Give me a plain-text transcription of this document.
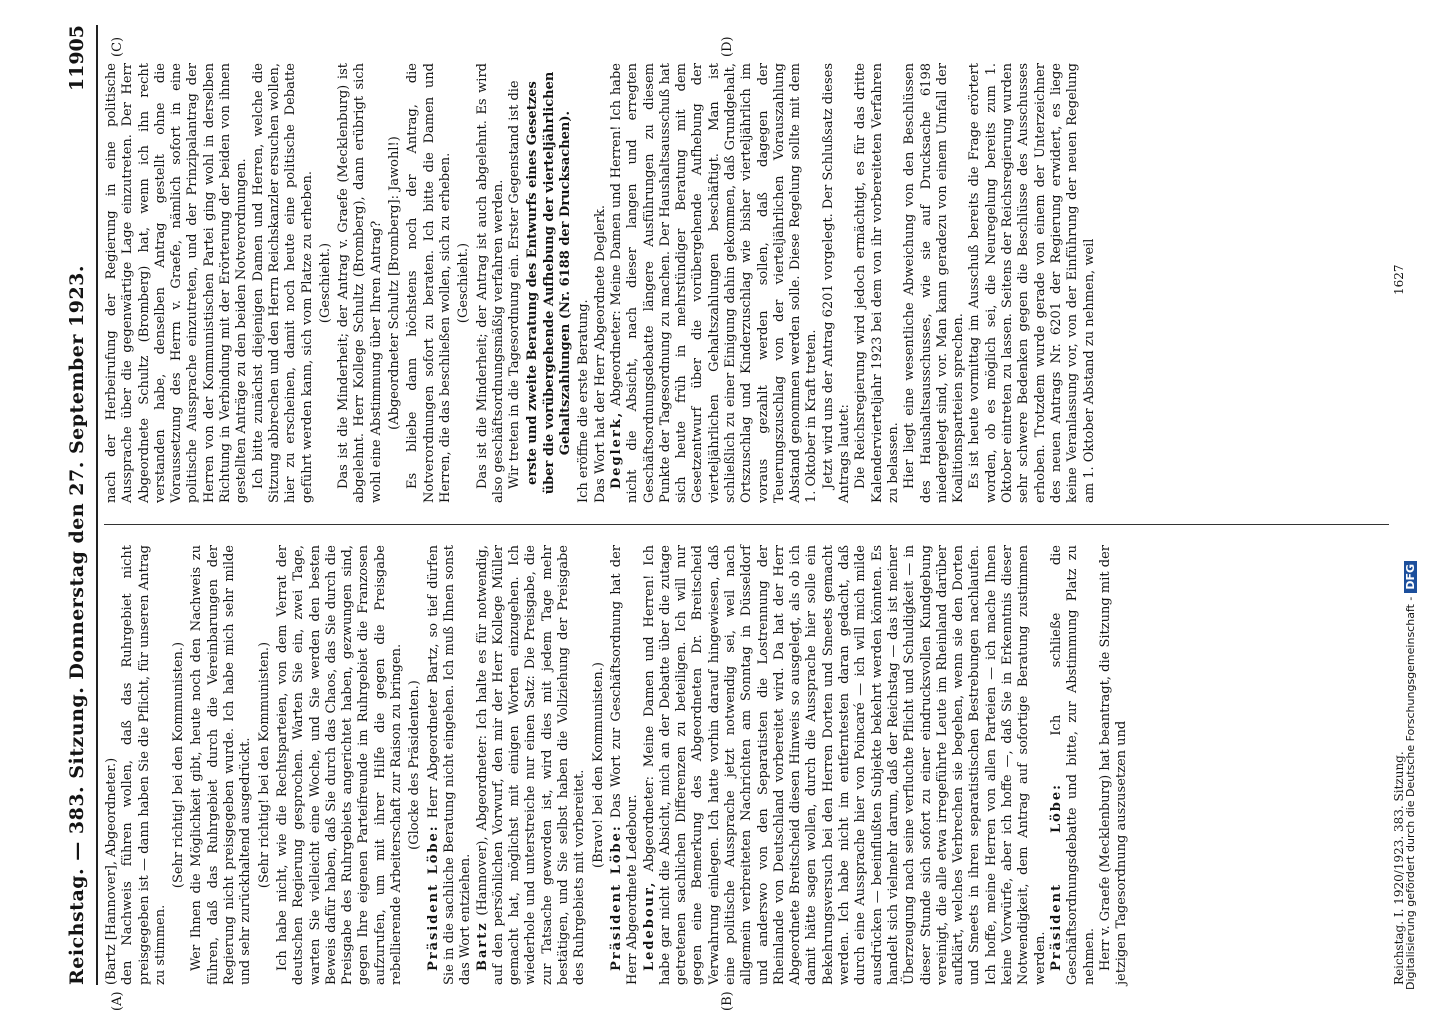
Reichstag. — 383. Sitzung. Donnerstag den 27. September 1923.
11905
(A)	(B)
(C)	(D)

(Bartz [Hannover], Abgeordneter.) den Nachweis führen wollen, daß das Ruhrgebiet nicht preisgegeben ist — dann haben Sie die Pflicht, für unseren Antrag zu stimmen.

(Sehr richtig! bei den Kommunisten.) Wer Ihnen die Möglichkeit gibt, heute noch den Nachweis zu führen, daß das Ruhrgebiet durch die Vereinbarungen der Regierung nicht preisgegeben wurde. Ich habe mich sehr milde und sehr zurückhaltend ausgedrückt. (Sehr richtig! bei den Kommunisten.) Ich habe nicht, wie die Rechtsparteien, von dem Verrat der deutschen Regierung gesprochen. Warten Sie ein, zwei Tage, warten Sie vielleicht eine Woche, und Sie werden den besten Beweis dafür haben, daß Sie durch das Chaos, das Sie durch die Preisgabe des Ruhrgebiets angerichtet haben, gezwungen sind, gegen Ihre eigenen Parteifreunde im Ruhrgebiet die Franzosen aufzurufen, um mit ihrer Hilfe die gegen die Preisgabe rebellierende Arbeiterschaft zur Raison zu bringen. (Glocke des Präsidenten.)

Präsident Löbe: Herr Abgeordneter Bartz, so tief dürfen Sie in die sachliche Beratung nicht eingehen. Ich muß Ihnen sonst das Wort entziehen. Bartz (Hannover), Abgeordneter: Ich halte es für notwendig, auf den persönlichen Vorwurf, den mir der Herr Kollege Müller gemacht hat, möglichst mit einigen Worten einzugehen. Ich wiederhole und unterstreiche nur einen Satz: Die Preisgabe, die zur Tatsache geworden ist, wird dies mit jedem Tage mehr bestätigen, und Sie selbst haben die Vollziehung der Preisgabe des Ruhrgebiets mit vorbereitet.

(Bravo! bei den Kommunisten.)

Präsident Löbe: Das Wort zur Geschäftsordnung hat der Herr Abgeordnete Ledebour. Ledebour, Abgeordneter: Meine Damen und Herren! Ich habe gar nicht die Absicht, mich an der Debatte über die zutage getretenen sachlichen Differenzen zu beteiligen. Ich will nur gegen eine Bemerkung des Abgeordneten Dr. Breitscheid Verwahrung einlegen. Ich hatte vorhin darauf hingewiesen, daß eine politische Aussprache jetzt notwendig sei, weil nach allgemein verbreiteten Nachrichten am Sonntag in Düsseldorf und anderswo von den Separatisten die Lostrennung der Rheinlande von Deutschland vorbereitet wird. Da hat der Herr Abgeordnete Breitscheid diesen Hinweis so ausgelegt, als ob ich damit hätte sagen wollen, durch die Aussprache hier solle ein Bekehrungsversuch bei den Herren Dorten und Smeets gemacht werden. Ich habe nicht im entferntesten daran gedacht, daß durch eine Aussprache hier von Poincaré — ich will mich milde ausdrücken — beeinflußten Subjekte bekehrt werden könnten. Es handelt sich vielmehr darum, daß der Reichstag — das ist meiner Überzeugung nach seine verfluchte Pflicht und Schuldigkeit — in dieser Stunde sich sofort zu einer eindrucksvollen Kundgebung vereinigt, die alle etwa irregeführte Leute im Rheinland darüber aufklärt, welches Verbrechen sie begehen, wenn sie den Dorten und Smeets in ihren separatistischen Bestrebungen nachlaufen. Ich hoffe, meine Herren von allen Parteien — ich mache Ihnen keine Vorwürfe, aber ich hoffe —, daß Sie in Erkenntnis dieser Notwendigkeit, dem Antrag auf sofortige Beratung zustimmen werden. Präsident Löbe: Ich schließe die Geschäftsordnungsdebatte und bitte, zur Abstimmung Platz zu nehmen. Herr v. Graefe (Mecklenburg) hat beantragt, die Sitzung mit der jetzigen Tagesordnung auszusetzen und

nach der Herbeirufung der Regierung in eine politische Aussprache über die gegenwärtige Lage einzutreten. Der Herr Abgeordnete Schultz (Bromberg) hat, wenn ich ihn recht verstanden habe, denselben Antrag gestellt ohne die Voraussetzung des Herrn v. Graefe, nämlich sofort in eine politische Aussprache einzutreten, und der Prinzipalantrag der Herren von der Kommunistischen Partei ging wohl in derselben Richtung in Verbindung mit der Erörterung der beiden von ihnen gestellten Anträge zu den beiden Notverordnungen. Ich bitte zunächst diejenigen Damen und Herren, welche die Sitzung abbrechen und den Herrn Reichskanzler ersuchen wollen, hier zu erscheinen, damit noch heute eine politische Debatte geführt werden kann, sich vom Platze zu erheben. (Geschieht.) Das ist die Minderheit; der Antrag v. Graefe (Mecklenburg) ist abgelehnt. Herr Kollege Schultz (Bromberg), dann erübrigt sich wohl eine Abstimmung über Ihren Antrag? (Abgeordneter Schultz [Bromberg]: Jawohl!) Es bliebe dann höchstens noch der Antrag, die Notverordnungen sofort zu beraten. Ich bitte die Damen und Herren, die das beschließen wollen, sich zu erheben. (Geschieht.) Das ist die Minderheit; der Antrag ist auch abgelehnt. Es wird also geschäftsordnungsmäßig verfahren werden. Wir treten in die Tagesordnung ein. Erster Gegenstand ist die erste und zweite Beratung des Entwurfs eines Gesetzes über die vorübergehende Aufhebung der vierteljährlichen Gehaltszahlungen (Nr. 6188 der Drucksachen). Ich eröffne die erste Beratung. Das Wort hat der Herr Abgeordnete Deglerk. Deglerk, Abgeordneter: Meine Damen und Herren! Ich habe nicht die Absicht, nach dieser langen und erregten Geschäftsordnungsdebatte längere Ausführungen zu diesem Punkte der Tagesordnung zu machen. Der Haushaltsausschuß hat sich heute früh in mehrstündiger Beratung mit dem Gesetzentwurf über die vorübergehende Aufhebung der vierteljährlichen Gehaltszahlungen beschäftigt. Man ist schließlich zu einer Einigung dahin gekommen, daß Grundgehalt, Ortszuschlag und Kinderzuschlag wie bisher vierteljährlich im voraus gezahlt werden sollen, daß dagegen der Teuerungszuschlag von der vierteljährlichen Vorauszahlung Abstand genommen werden solle. Diese Regelung sollte mit dem 1. Oktober in Kraft treten. Jetzt wird uns der Antrag 6201 vorgelegt. Der Schlußsatz dieses Antrags lautet: Die Reichsregierung wird jedoch ermächtigt, es für das dritte Kalendervierteljahr 1923 bei dem von ihr vorbereiteten Verfahren zu belassen. Hier liegt eine wesentliche Abweichung von den Beschlüssen des Haushaltsausschusses, wie sie auf Drucksache 6198 niedergelegt sind, vor. Man kann geradezu von einem Umfall der Koalitionsparteien sprechen. Es ist heute vormittag im Ausschuß bereits die Frage erörtert worden, ob es möglich sei, die Neuregelung bereits zum 1. Oktober eintreten zu lassen. Seitens der Reichsregierung wurden sehr schwere Bedenken gegen die Beschlüsse des Ausschusses erhoben. Trotzdem wurde gerade von einem der Unterzeichner des neuen Antrags Nr. 6201 der Regierung erwidert, es liege keine Veranlassung vor, von der Einführung der neuen Regelung am 1. Oktober Abstand zu nehmen, weil

Reichstag. I. 1920/1923. 383. Sitzung.
1627
Digitalisierung gefördert durch die Deutsche Forschungsgemeinschaft -DFG
